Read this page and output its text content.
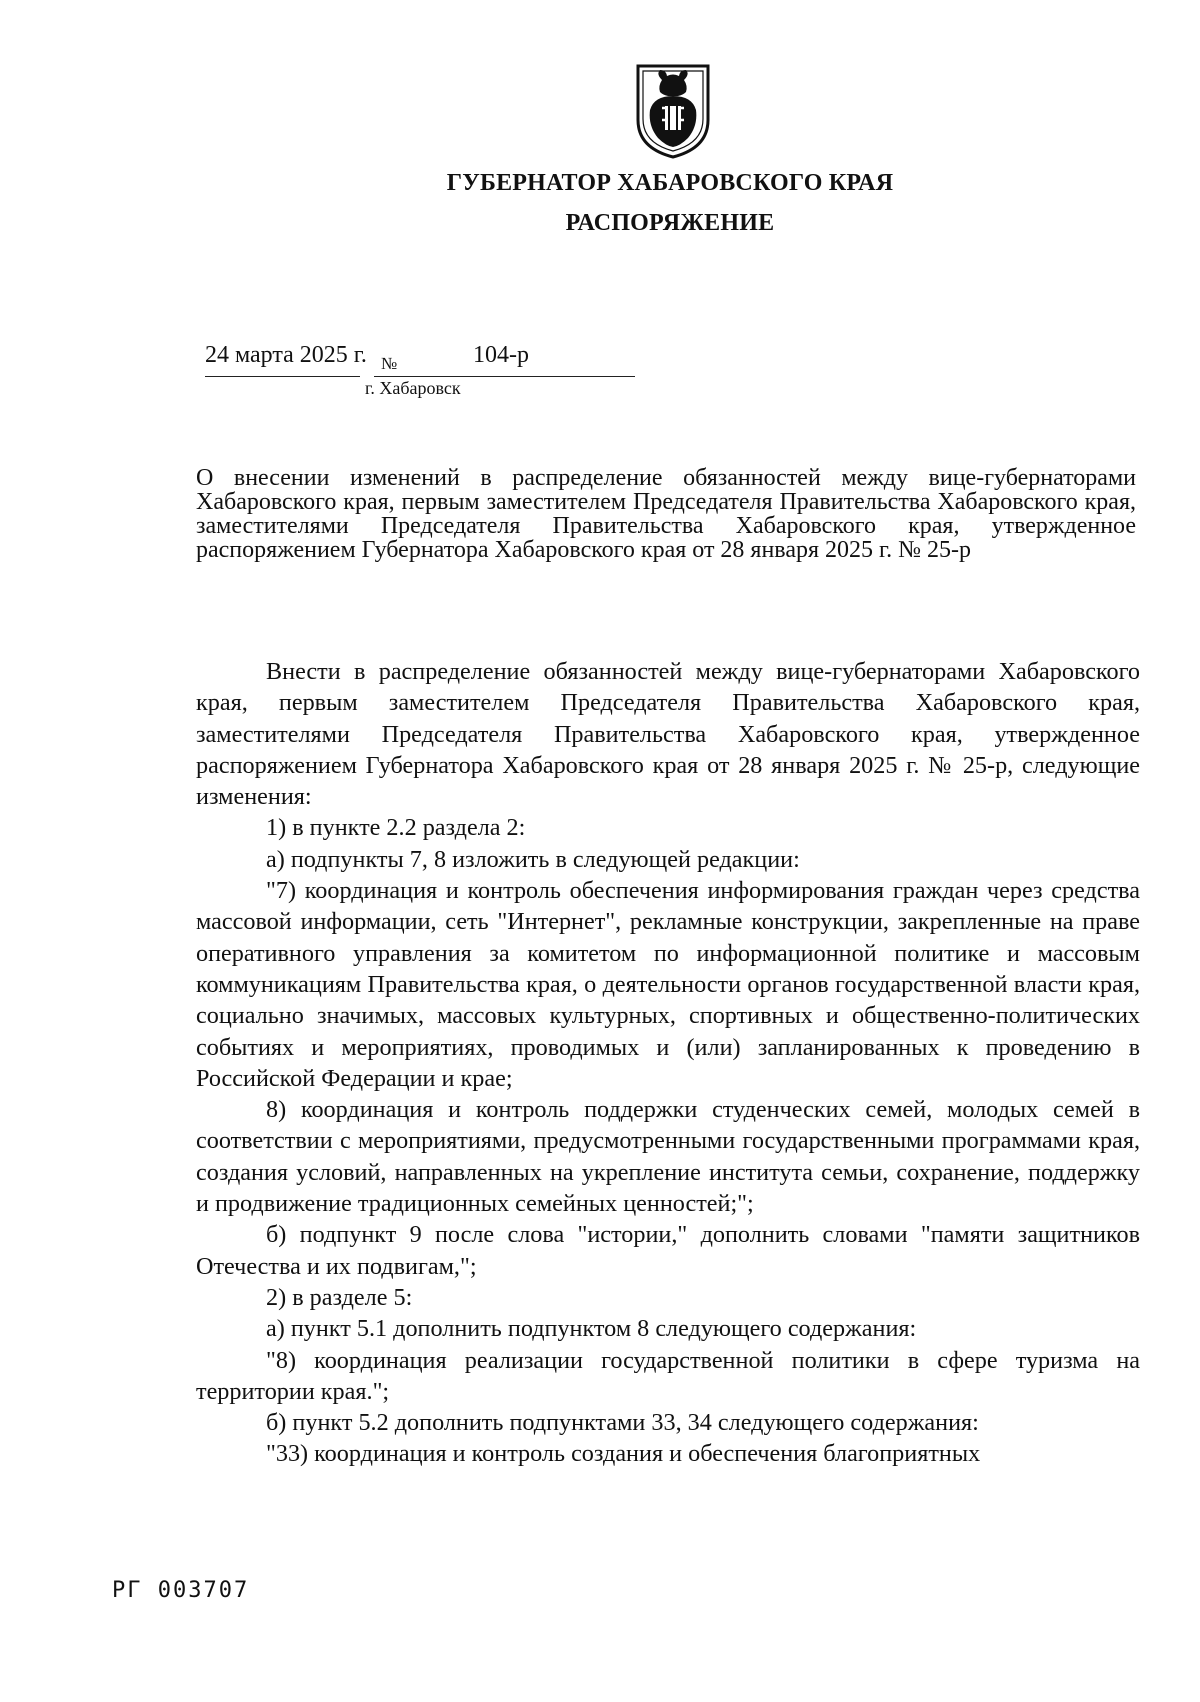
ГУБЕРНАТОР ХАБАРОВСКОГО КРАЯ
РАСПОРЯЖЕНИЕ
24 марта 2025 г. №	104-р
г. Хабаровск
О внесении изменений в распределение обязанностей между вице-губернаторами Хабаровского края, первым заместителем Председателя Правительства Хабаровского края, заместителями Председателя Правительства Хабаровского края, утвержденное распоряжением Губернатора Хабаровского края от 28 января 2025 г. № 25-р

Внести в распределение обязанностей между вице-губернаторами Хабаровского края, первым заместителем Председателя Правительства Хабаровского края, заместителями Председателя Правительства Хабаровского края, утвержденное распоряжением Губернатора Хабаровского края от 28 января 2025 г. № 25-р, следующие изменения:

1) в пункте 2.2 раздела 2:

а) подпункты 7, 8 изложить в следующей редакции:

"7) координация и контроль обеспечения информирования граждан через средства массовой информации, сеть "Интернет", рекламные конструкции, закрепленные на праве оперативного управления за комитетом по информационной политике и массовым коммуникациям Правительства края, о деятельности органов государственной власти края, социально значимых, массовых культурных, спортивных и общественно-политических событиях и мероприятиях, проводимых и (или) запланированных к проведению в Российской Федерации и крае;

8) координация и контроль поддержки студенческих семей, молодых семей в соответствии с мероприятиями, предусмотренными государственными программами края, создания условий, направленных на укрепление института семьи, сохранение, поддержку и продвижение традиционных семейных ценностей;";

б) подпункт 9 после слова "истории," дополнить словами "памяти защитников Отечества и их подвигам,";

2) в разделе 5:

а) пункт 5.1 дополнить подпунктом 8 следующего содержания:

"8) координация реализации государственной политики в сфере туризма на территории края.";

б) пункт 5.2 дополнить подпунктами 33, 34 следующего содержания:

"33) координация и контроль создания и обеспечения благоприятных

РГ 003707
